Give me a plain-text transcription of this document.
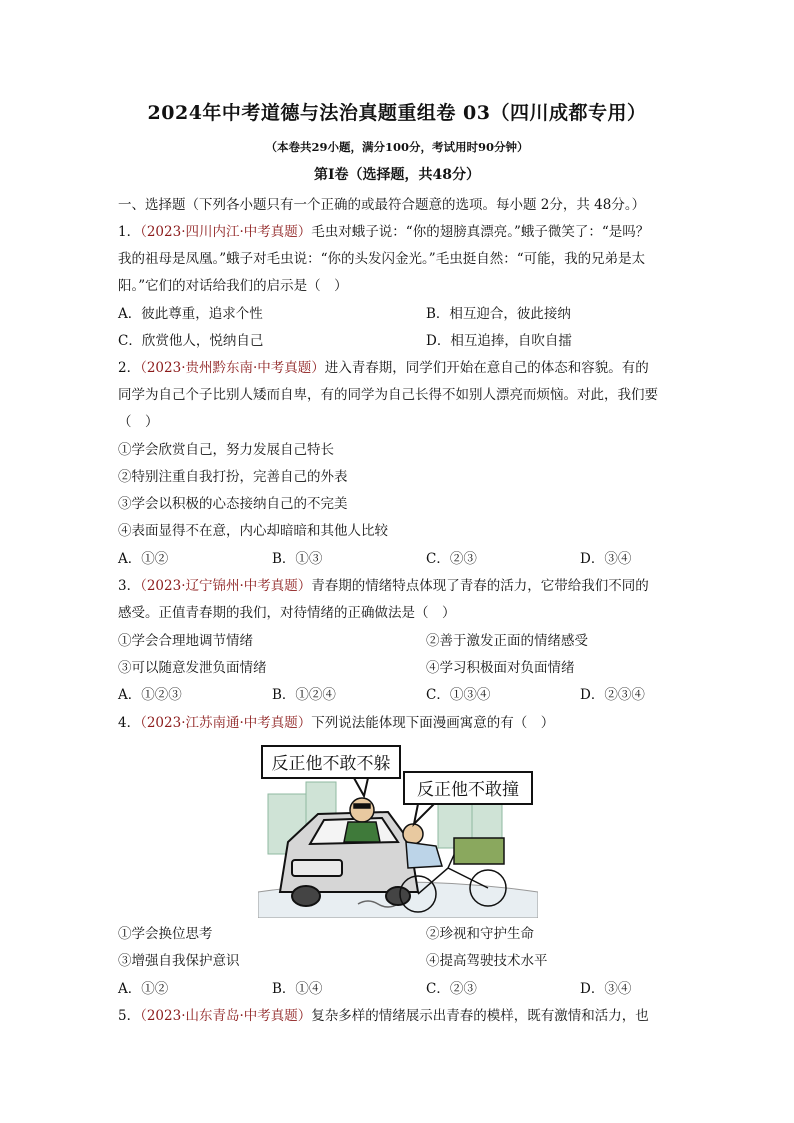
2024年中考道德与法治真题重组卷 03（四川成都专用）
（本卷共29小题，满分100分，考试用时90分钟）
第I卷（选择题，共48分）
一、选择题（下列各小题只有一个正确的或最符合题意的选项。每小题 2分，共 48分。）
1．（2023·四川内江·中考真题）毛虫对蛾子说：“你的翅膀真漂亮。”蛾子微笑了：“是吗？
我的祖母是凤凰。”蛾子对毛虫说：“你的头发闪金光。”毛虫挺自然：“可能，我的兄弟是太
阳。”它们的对话给我们的启示是（　）
A．彼此尊重，追求个性	B．相互迎合，彼此接纳
C．欣赏他人，悦纳自己	D．相互追捧，自吹自擂
2．（2023·贵州黔东南·中考真题）进入青春期，同学们开始在意自己的体态和容貌。有的
同学为自己个子比别人矮而自卑，有的同学为自己长得不如别人漂亮而烦恼。对此，我们要
（　）
①学会欣赏自己，努力发展自己特长
②特别注重自我打扮，完善自己的外表
③学会以积极的心态接纳自己的不完美
④表面显得不在意，内心却暗暗和其他人比较
A．①②	B．①③	C．②③	D．③④
3．（2023·辽宁锦州·中考真题）青春期的情绪特点体现了青春的活力，它带给我们不同的
感受。正值青春期的我们，对待情绪的正确做法是（　）
①学会合理地调节情绪	②善于激发正面的情绪感受
③可以随意发泄负面情绪	④学习积极面对负面情绪
A．①②③	B．①②④	C．①③④	D．②③④
4．（2023·江苏南通·中考真题）下列说法能体现下面漫画寓意的有（　）
反正他不敢不躲
反正他不敢撞
①学会换位思考	②珍视和守护生命
③增强自我保护意识	④提高驾驶技术水平
A．①②	B．①④	C．②③	D．③④
5．（2023·山东青岛·中考真题）复杂多样的情绪展示出青春的模样，既有激情和活力，也
